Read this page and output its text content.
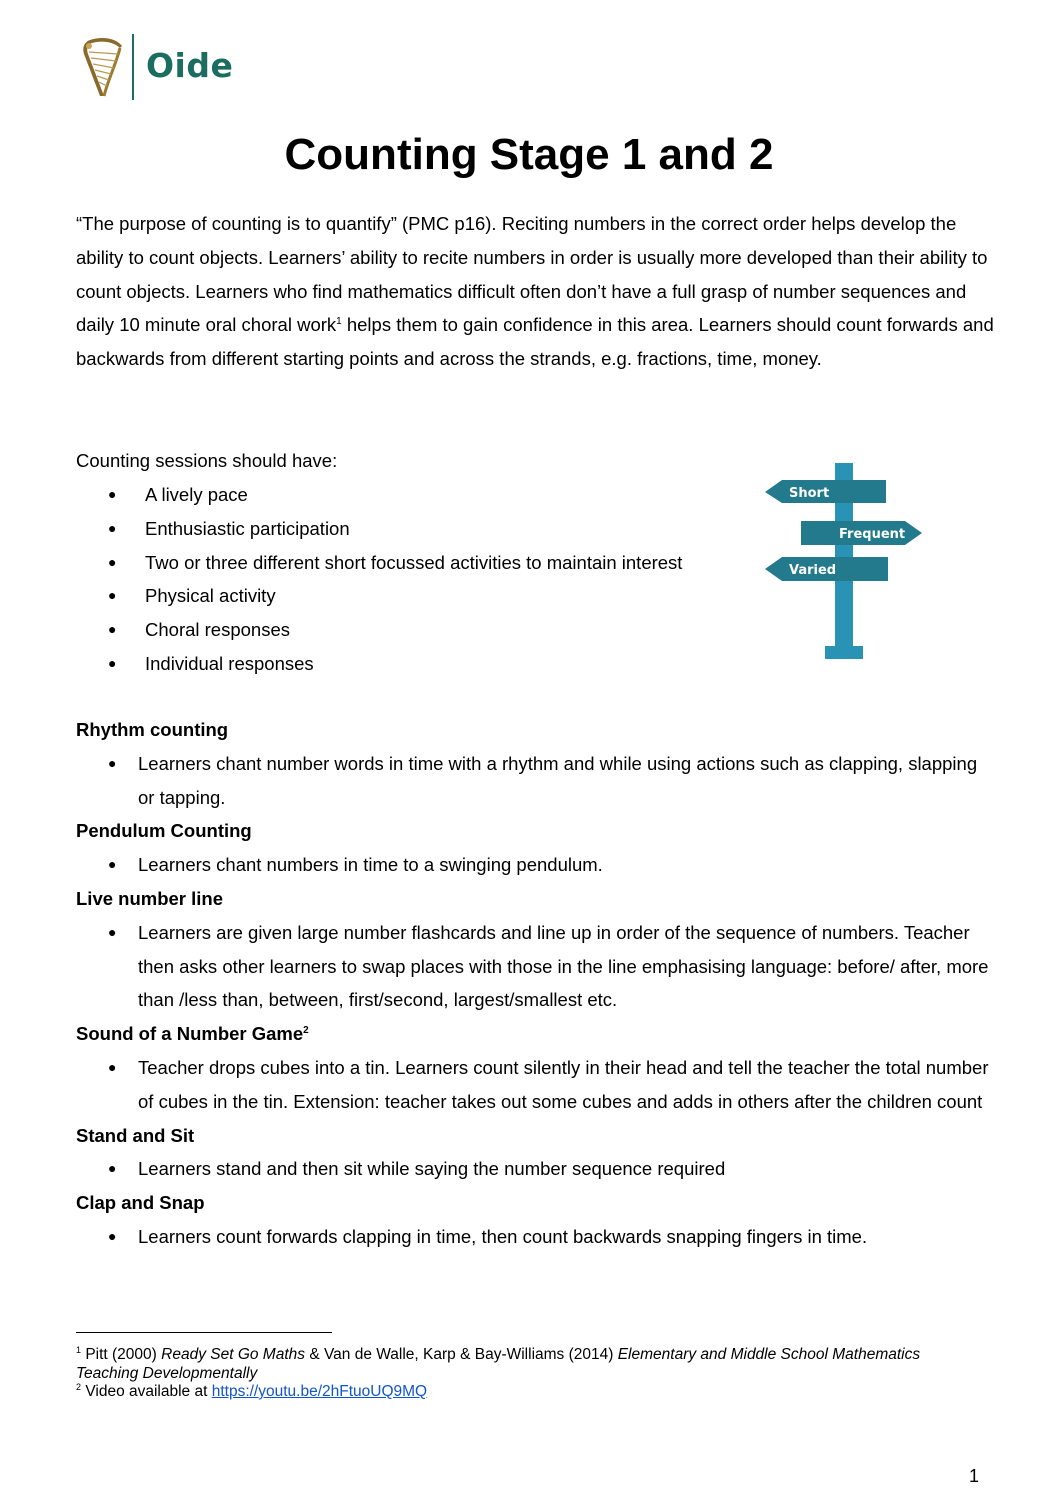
Oide
Counting Stage 1 and 2

“The purpose of counting is to quantify” (PMC p16). Reciting numbers in the correct order helps develop the ability to count objects. Learners’ ability to recite numbers in order is usually more developed than their ability to count objects. Learners who find mathematics difficult often don’t have a full grasp of number sequences and daily 10 minute oral choral work$^1$ helps them to gain confidence in this area. Learners should count forwards and backwards from different starting points and across the strands, e.g. fractions, time, money.

Counting sessions should have:
● A lively pace
● Enthusiastic participation
● Two or three different short focussed activities to maintain interest
● Physical activity
● Choral responses
● Individual responses
Short
Frequent
Varied
Rhythm counting
● Learners chant number words in time with a rhythm and while using actions such as clapping, slapping or tapping.
Pendulum Counting
● Learners chant numbers in time to a swinging pendulum.
Live number line
● Learners are given large number flashcards and line up in order of the sequence of numbers. Teacher then asks other learners to swap places with those in the line emphasising language: before/ after, more than /less than, between, first/second, largest/smallest etc.
Sound of a Number Game$^2$
● Teacher drops cubes into a tin. Learners count silently in their head and tell the teacher the total number of cubes in the tin. Extension: teacher takes out some cubes and adds in others after the children count
Stand and Sit
● Learners stand and then sit while saying the number sequence required
Clap and Snap
● Learners count forwards clapping in time, then count backwards snapping fingers in time.
$^1$ Pitt (2000) Ready Set Go Maths & Van de Walle, Karp & Bay-Williams (2014) Elementary and Middle School Mathematics Teaching Developmentally
$^2$ Video available at https://youtu.be/2hFtuoUQ9MQ
1
